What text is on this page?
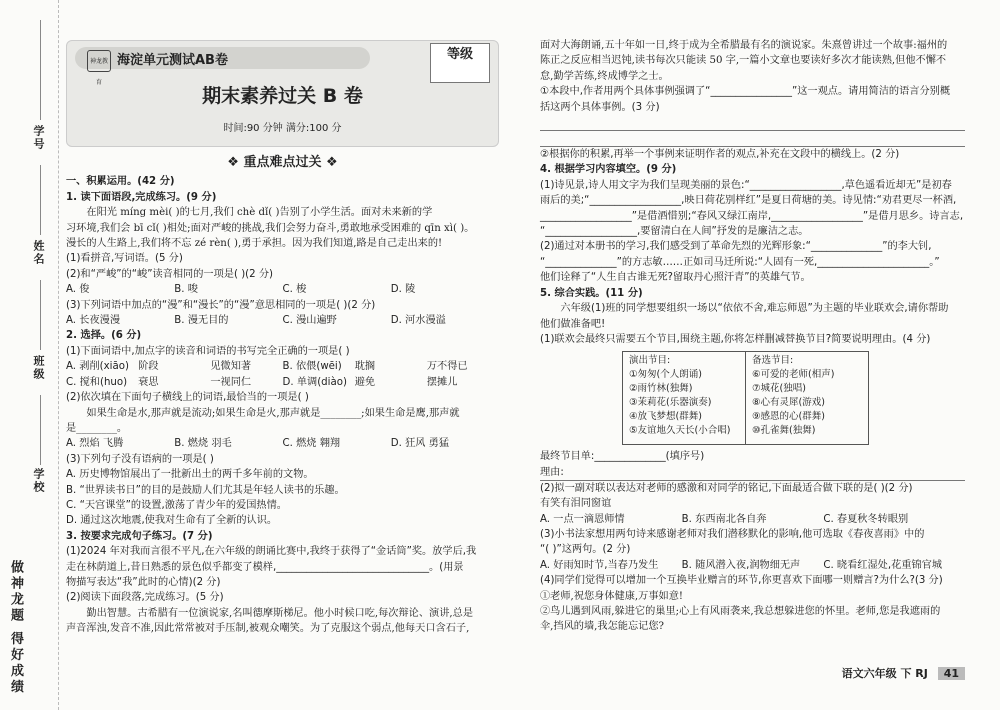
学号
姓名
班级
学校
做神龙题 得好成绩
神龙教育
海淀单元测试AB卷	等级
期末素养过关 B 卷
时间:90 分钟 满分:100 分
❖ 重点难点过关 ❖

一、积累运用。(42 分)

1. 读下面语段,完成练习。(9 分)

在阳光 míng mèi( )的七月,我们 chè dǐ( )告别了小学生活。面对未来新的学

习环境,我们会 bī cǐ( )相处;面对严峻的挑战,我们会努力奋斗,勇敢地承受困难的 qīn xì( )。

漫长的人生路上,我们将不忘 zé rèn( ),勇于承担。因为我们知道,路是自己走出来的!

(1)看拼音,写词语。(5 分)

(2)和“严峻”的“峻”读音相同的一项是( )(2 分)

A. 俊	B. 唆	C. 梭	D. 陵

(3)下列词语中加点的“漫”和“漫长”的“漫”意思相同的一项是( )(2 分)

A. 长夜漫漫	B. 漫无目的	C. 漫山遍野	D. 河水漫溢

2. 选择。(6 分)

(1)下面词语中,加点字的读音和词语的书写完全正确的一项是( )

A. 剥削(xiāo) 阶段	见微知著	B. 依偎(wēi)	耽搁	万不得已
C. 搅和(huo)	衰思	一视同仁	D. 单调(diào) 避免	摆摊儿

(2)依次填在下面句子横线上的词语,最恰当的一项是( )

如果生命是水,那声就是流动;如果生命是火,那声就是________;如果生命是鹰,那声就

是________。

A. 烈焰 飞腾	B. 燃烧 羽毛	C. 燃烧 翱翔	D. 狂风 勇猛

(3)下列句子没有语病的一项是( )

A. 历史博物馆展出了一批新出土的两千多年前的文物。

B. “世界读书日”的目的是鼓励人们尤其是年轻人读书的乐趣。

C. “天宫课堂”的设置,激荡了青少年的爱国热情。

D. 通过这次地震,使我对生命有了全新的认识。

3. 按要求完成句子练习。(7 分)

(1)2024 年对我而言很不平凡,在六年级的朗诵比赛中,我终于获得了“金话筒”奖。放学后,我

走在林荫道上,昔日熟悉的景色似乎都变了模样,______________________________。(用景

物描写表达“我”此时的心情)(2 分)

(2)阅读下面段落,完成练习。(5 分)

勤出智慧。古希腊有一位演说家,名叫德摩斯梯尼。他小时候口吃,每次辩论、演讲,总是

声音浑浊,发音不准,因此常常被对手压制,被观众嘲笑。为了克服这个弱点,他每天口含石子,

面对大海朗诵,五十年如一日,终于成为全希腊最有名的演说家。朱熹曾讲过一个故事:福州的

陈正之反应相当迟钝,读书每次只能读 50 字,一篇小文章也要读好多次才能读熟,但他不懈不

怠,勤学苦练,终成博学之士。

①本段中,作者用两个具体事例强调了“________________”这一观点。请用简洁的语言分别概

括这两个具体事例。(3 分)

②根据你的积累,再举一个事例来证明作者的观点,补充在文段中的横线上。(2 分)

4. 根据学习内容填空。(9 分)

(1)诗见景,诗人用文字为我们呈现美丽的景色:“__________________,草色遥看近却无”是初春

雨后的美;“__________________,映日荷花别样红”是夏日荷塘的美。诗见情:“劝君更尽一杯酒,

__________________”是借酒惜别;“春风又绿江南岸,__________________”是借月思乡。诗言志,

“__________________,要留清白在人间”抒发的是廉洁之志。

(2)通过对本册书的学习,我们感受到了革命先烈的光辉形象:“______________”的李大钊,

“______________”的方志敏……正如司马迁所说:“人固有一死,______________________。”

他们诠释了“人生自古谁无死?留取丹心照汗青”的英雄气节。

5. 综合实践。(11 分)

六年级(1)班的同学想要组织一场以“依依不舍,难忘师恩”为主题的毕业联欢会,请你帮助

他们做准备吧!

(1)联欢会最终只需要五个节目,围绕主题,你将怎样删减替换节目?简要说明理由。(4 分)

演出节目:
①匆匆(个人朗诵)
②雨竹林(独舞)
③茉莉花(乐器演奏)
④放飞梦想(群舞)
⑤友谊地久天长(小合唱)
备选节目:
⑥可爱的老师(相声)
⑦城花(独唱)
⑧心有灵犀(游戏)
⑨感恩的心(群舞)
⑩孔雀舞(独舞)

最终节目单:______________(填序号)

理由:

(2)拟一副对联以表达对老师的感激和对同学的铭记,下面最适合做下联的是( )(2 分)

有笑有泪同窗谊

A. 一点一滴恩师情	B. 东西南北各自奔	C. 春夏秋冬转眼别

(3)小书法家想用两句诗来感谢老师对我们潜移默化的影响,他可选取《春夜喜雨》中的

“( )”这两句。(2 分)

A. 好雨知时节,当春乃发生	B. 随风潜入夜,润物细无声	C. 晓看红湿处,花重锦官城

(4)同学们觉得可以增加一个互换毕业赠言的环节,你更喜欢下面哪一则赠言?为什么?(3 分)

①老师,祝您身体健康,万事如意!

②鸟儿遇到风雨,躲进它的巢里;心上有风雨袭来,我总想躲进您的怀里。老师,您是我遮雨的

伞,挡风的墙,我怎能忘记您?

语文六年级 下 RJ 41
